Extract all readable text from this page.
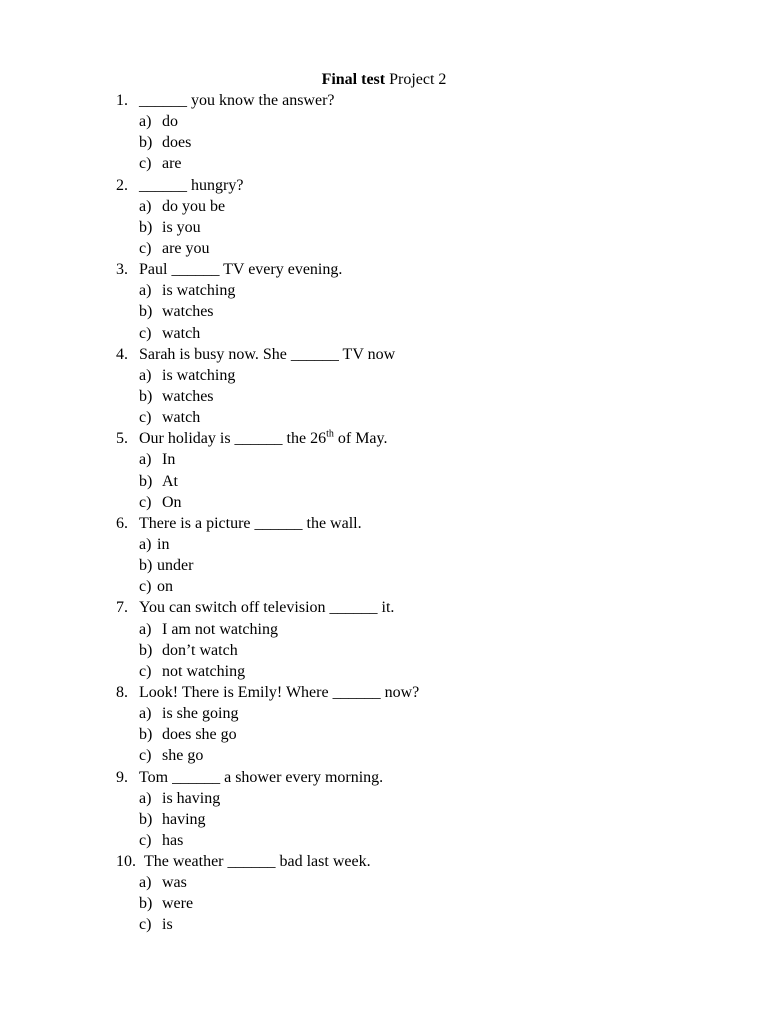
Final test Project 2
1. ______ you know the answer?
a) do
b) does
c) are
2. ______ hungry?
a) do you be
b) is you
c) are you
3. Paul ______ TV every evening.
a) is watching
b) watches
c) watch
4. Sarah is busy now. She ______ TV now
a) is watching
b) watches
c) watch
5. Our holiday is ______ the 26th of May.
a) In
b) At
c) On
6. There is a picture ______ the wall.
a) in
b) under
c) on
7. You can switch off television ______ it.
a) I am not watching
b) don’t watch
c) not watching
8. Look! There is Emily! Where ______ now?
a) is she going
b) does she go
c) she go
9. Tom ______ a shower every morning.
a) is having
b) having
c) has
10. The weather ______ bad last week.
a) was
b) were
c) is
